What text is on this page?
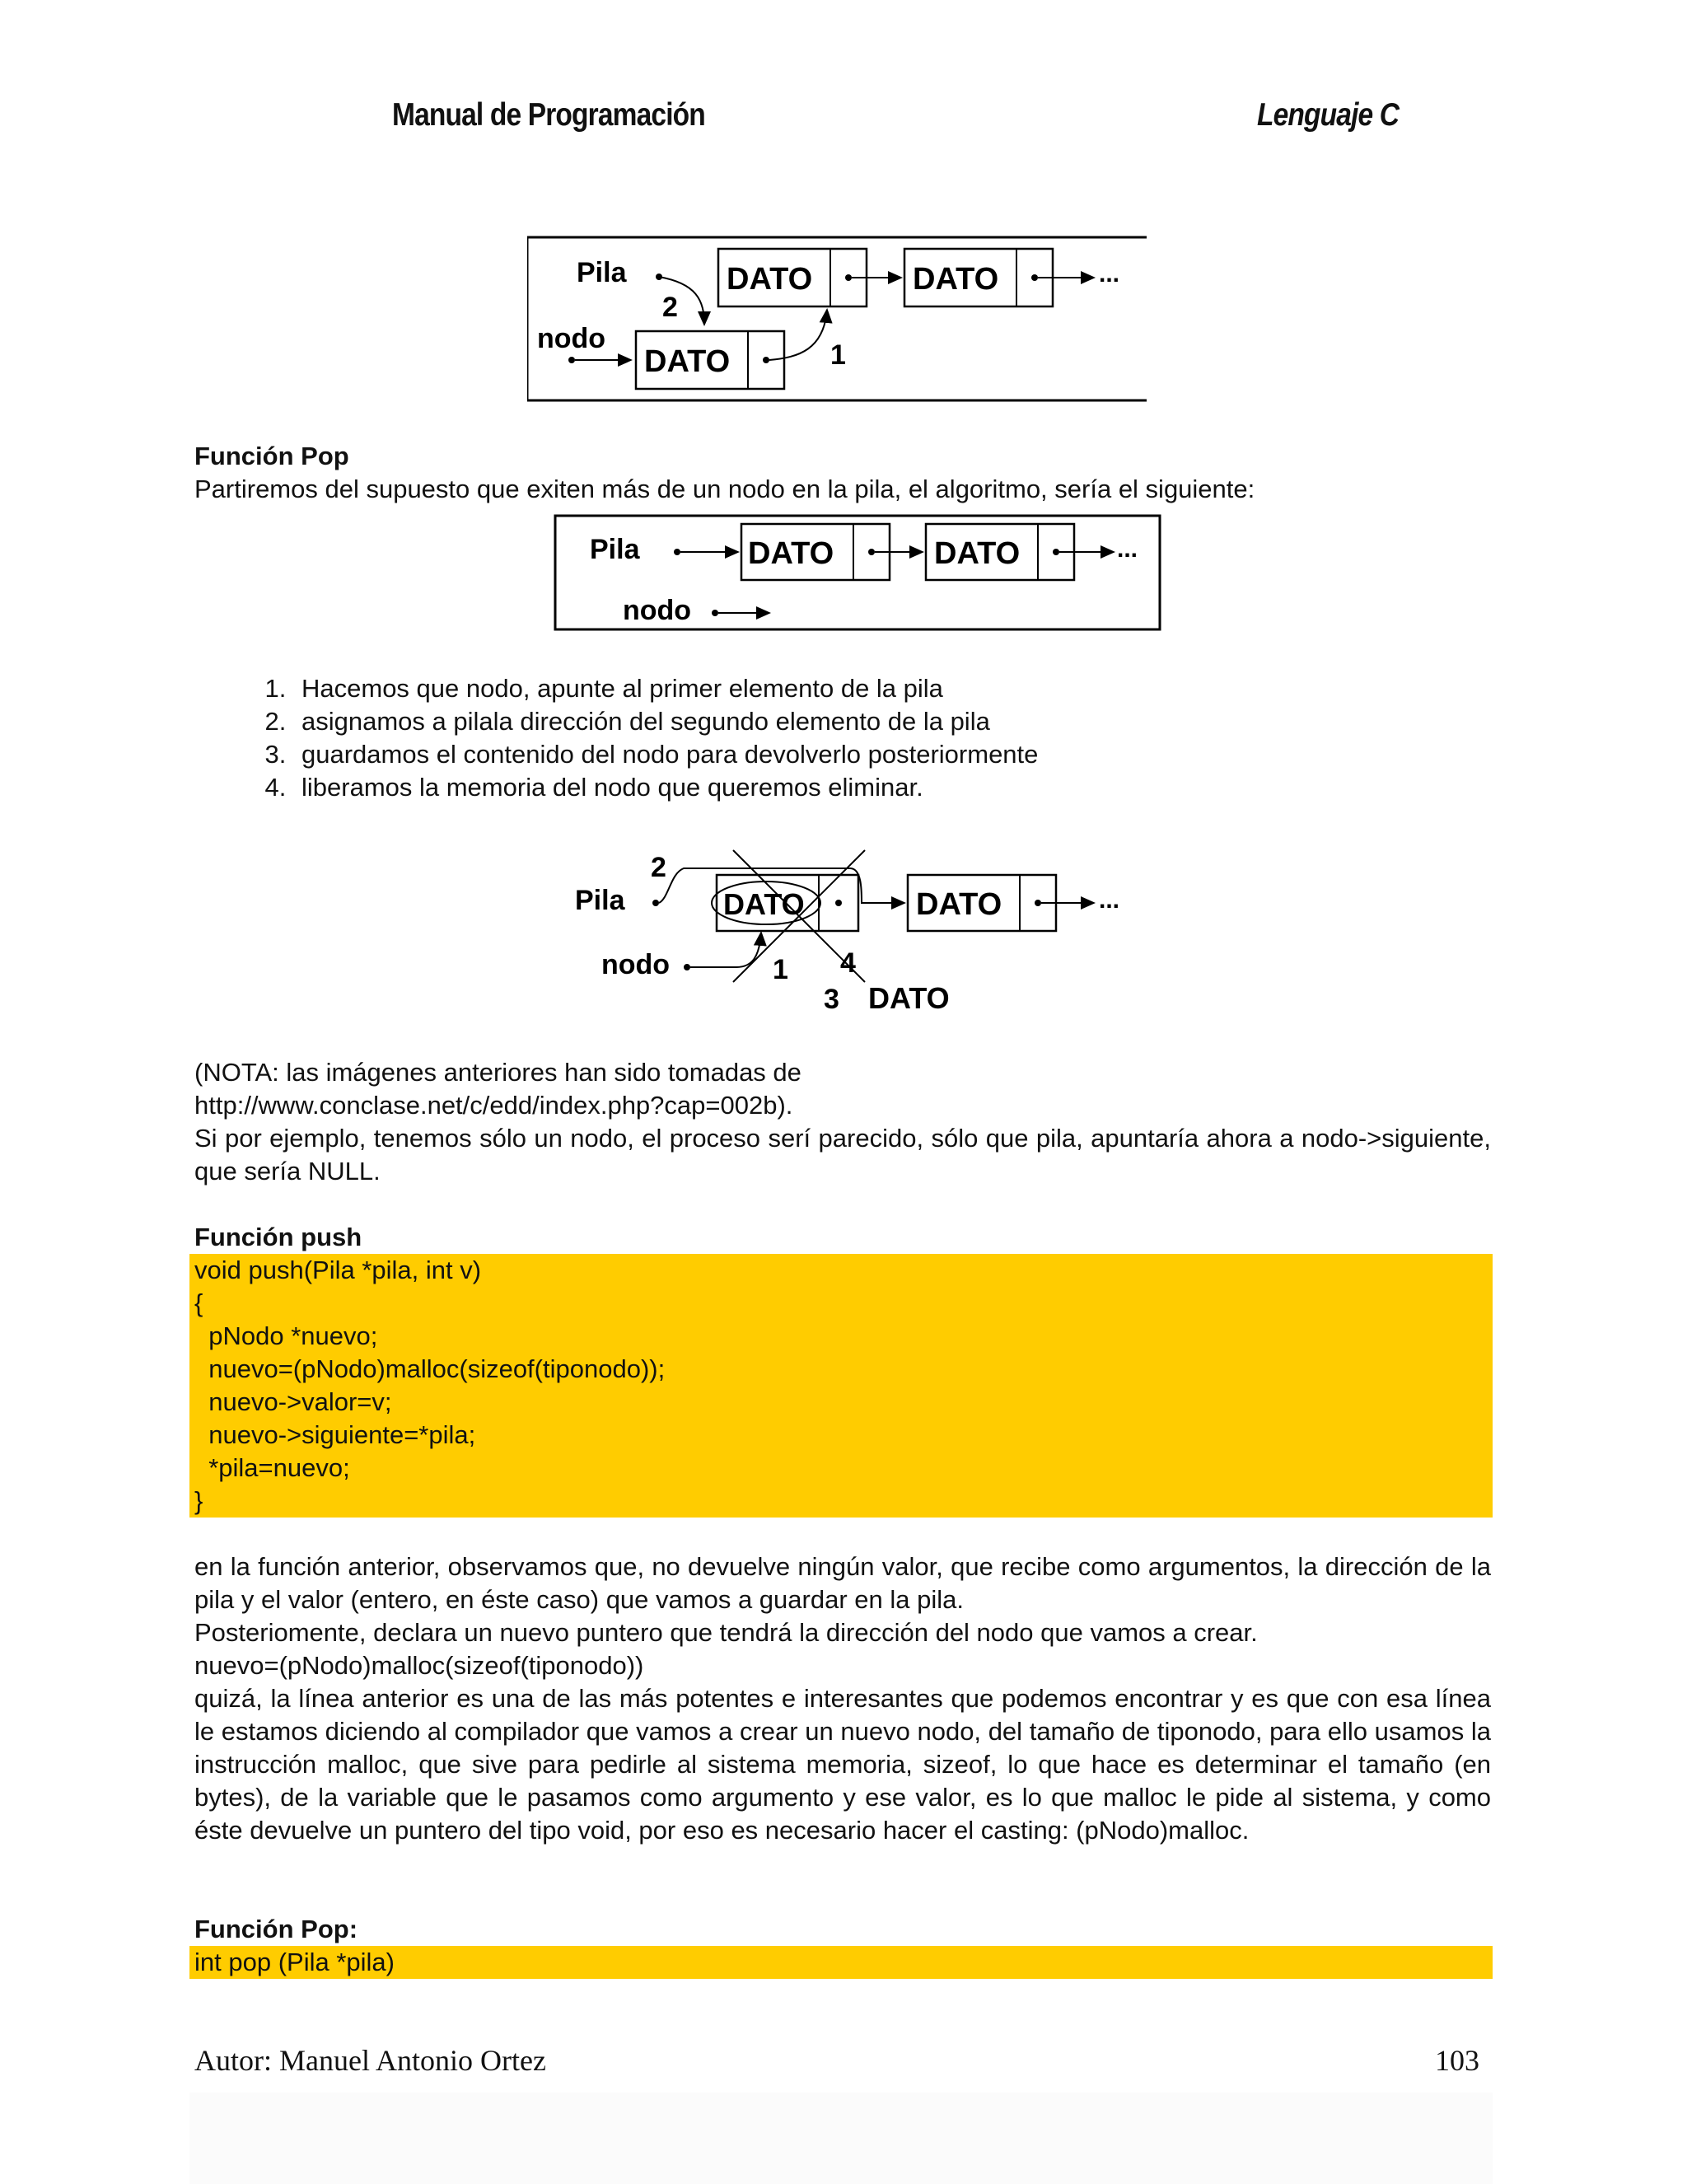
Manual de Programación	Lenguaje C
Pila
nodo
2
DATO	DATO	...
DATO	1

Función Pop

Partiremos del supuesto que exiten más de un nodo en la pila, el algoritmo, sería el siguiente:

Pila	DATO	DATO	...
nodo
1. Hacemos que nodo, apunte al primer elemento de la pila
2. asignamos a pilala dirección del segundo elemento de la pila
3. guardamos el contenido del nodo para devolverlo posteriormente
4. liberamos la memoria del nodo que queremos eliminar.
Pila
2
DATO	DATO	...
nodo	1 4
3 DATO

(NOTA: las imágenes anteriores han sido tomadas de

http://www.conclase.net/c/edd/index.php?cap=002b).

Si por ejemplo, tenemos sólo un nodo, el proceso serí parecido, sólo que pila, apuntaría ahora a nodo->siguiente, que sería NULL.

Función push

void push(Pila *pila, int v)
{
pNodo *nuevo;
nuevo=(pNodo)malloc(sizeof(tiponodo));
nuevo->valor=v;
nuevo->siguiente=*pila;
*pila=nuevo;
}

en la función anterior, observamos que, no devuelve ningún valor, que recibe como argumentos, la dirección de la pila y el valor (entero, en éste caso) que vamos a guardar en la pila.

Posteriomente, declara un nuevo puntero que tendrá la dirección del nodo que vamos a crear.

nuevo=(pNodo)malloc(sizeof(tiponodo))

quizá, la línea anterior es una de las más potentes e interesantes que podemos encontrar y es que con esa línea le estamos diciendo al compilador que vamos a crear un nuevo nodo, del tamaño de tiponodo, para ello usamos la instrucción malloc, que sive para pedirle al sistema memoria, sizeof, lo que hace es determinar el tamaño (en bytes), de la variable que le pasamos como argumento y ese valor, es lo que malloc le pide al sistema, y como éste devuelve un puntero del tipo void, por eso es necesario hacer el casting: (pNodo)malloc.

Función Pop:

int pop (Pila *pila)
Autor: Manuel Antonio Ortez	103
